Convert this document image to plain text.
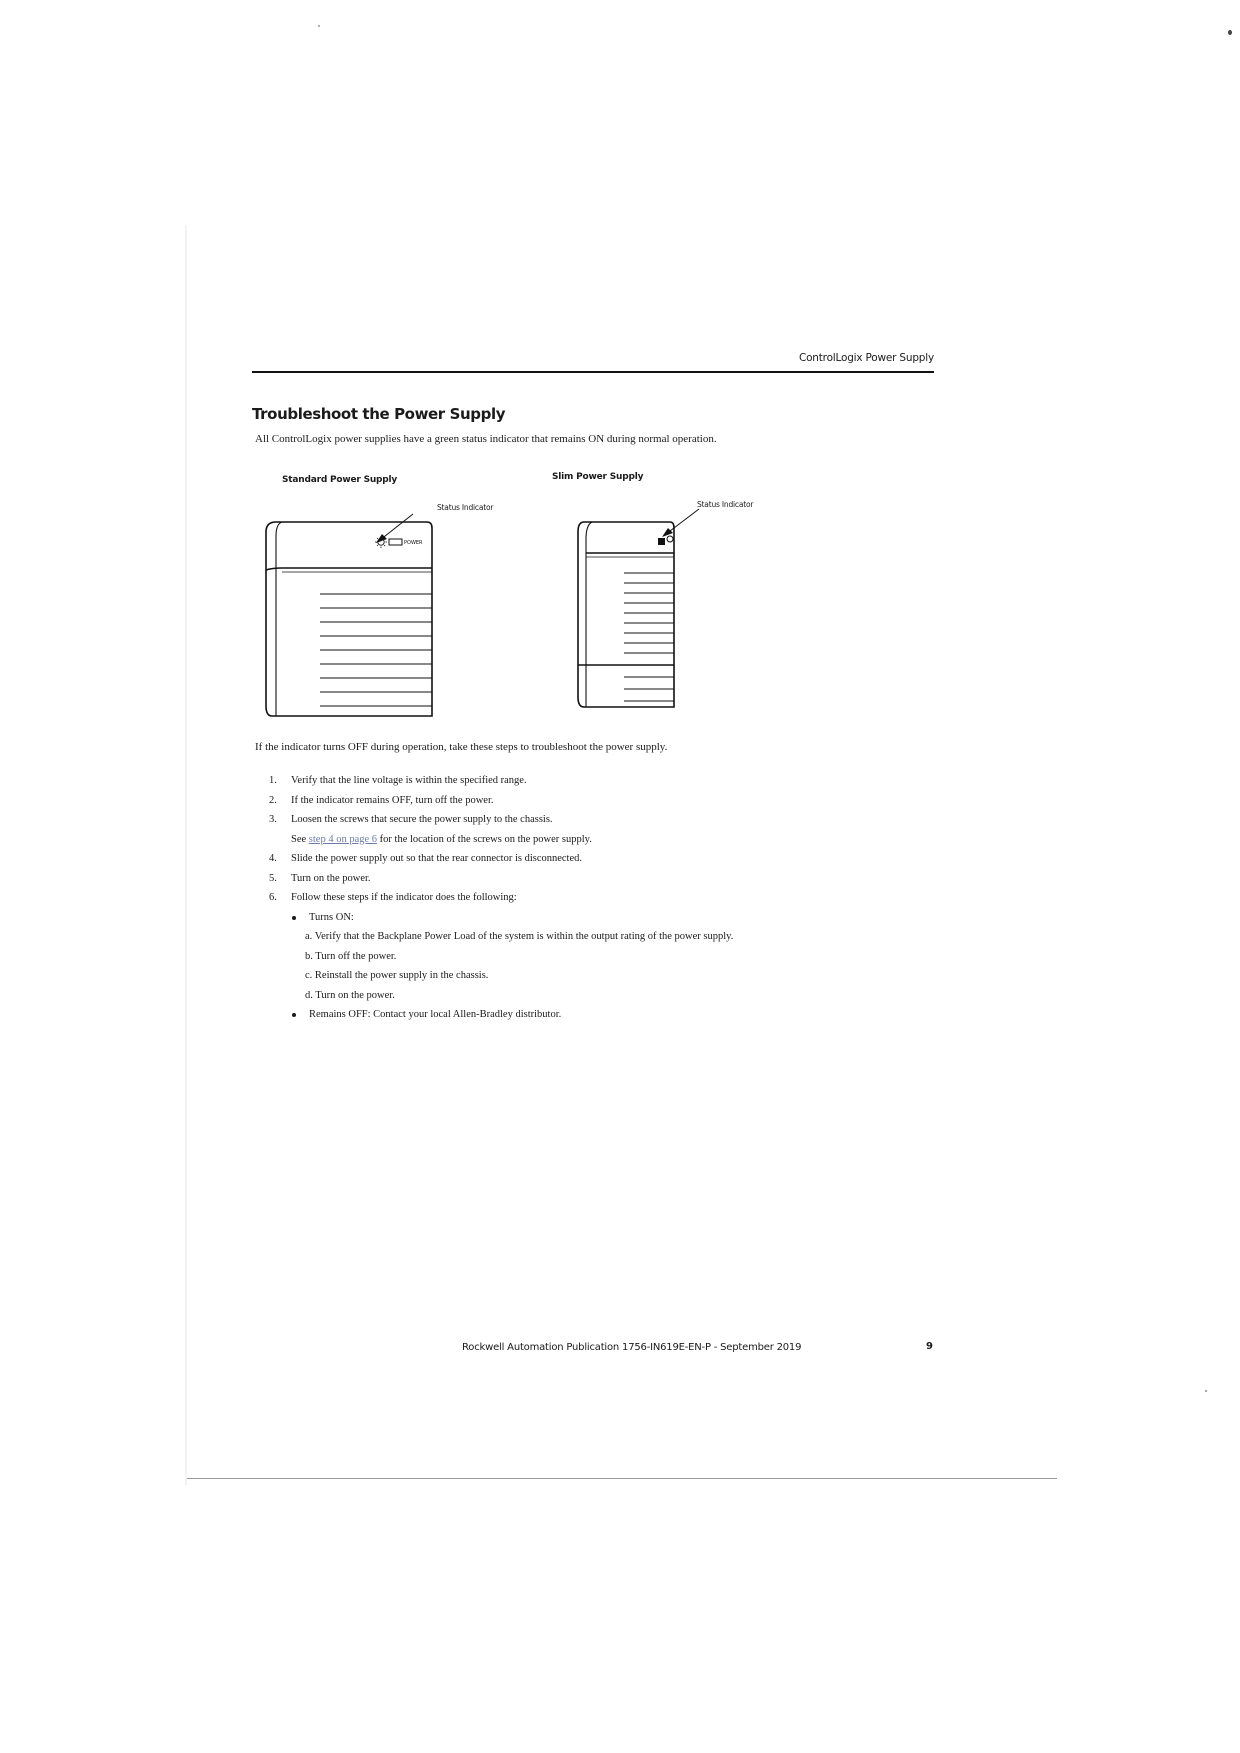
ControlLogix Power Supply
Troubleshoot the Power Supply
All ControlLogix power supplies have a green status indicator that remains ON during normal operation.
Standard Power Supply	Slim Power Supply
Status Indicator	Status Indicator
POWER
If the indicator turns OFF during operation, take these steps to troubleshoot the power supply.
1.	Verify that the line voltage is within the specified range.
2.	If the indicator remains OFF, turn off the power.
3.	Loosen the screws that secure the power supply to the chassis.
See step 4 on page 6 for the location of the screws on the power supply.
4.	Slide the power supply out so that the rear connector is disconnected.
5.	Turn on the power.
6.	Follow these steps if the indicator does the following:
Turns ON:
a. Verify that the Backplane Power Load of the system is within the output rating of the power supply.
b. Turn off the power.
c. Reinstall the power supply in the chassis.
d. Turn on the power.
Remains OFF: Contact your local Allen-Bradley distributor.
Rockwell Automation Publication 1756-IN619E-EN-P - September 2019	9
